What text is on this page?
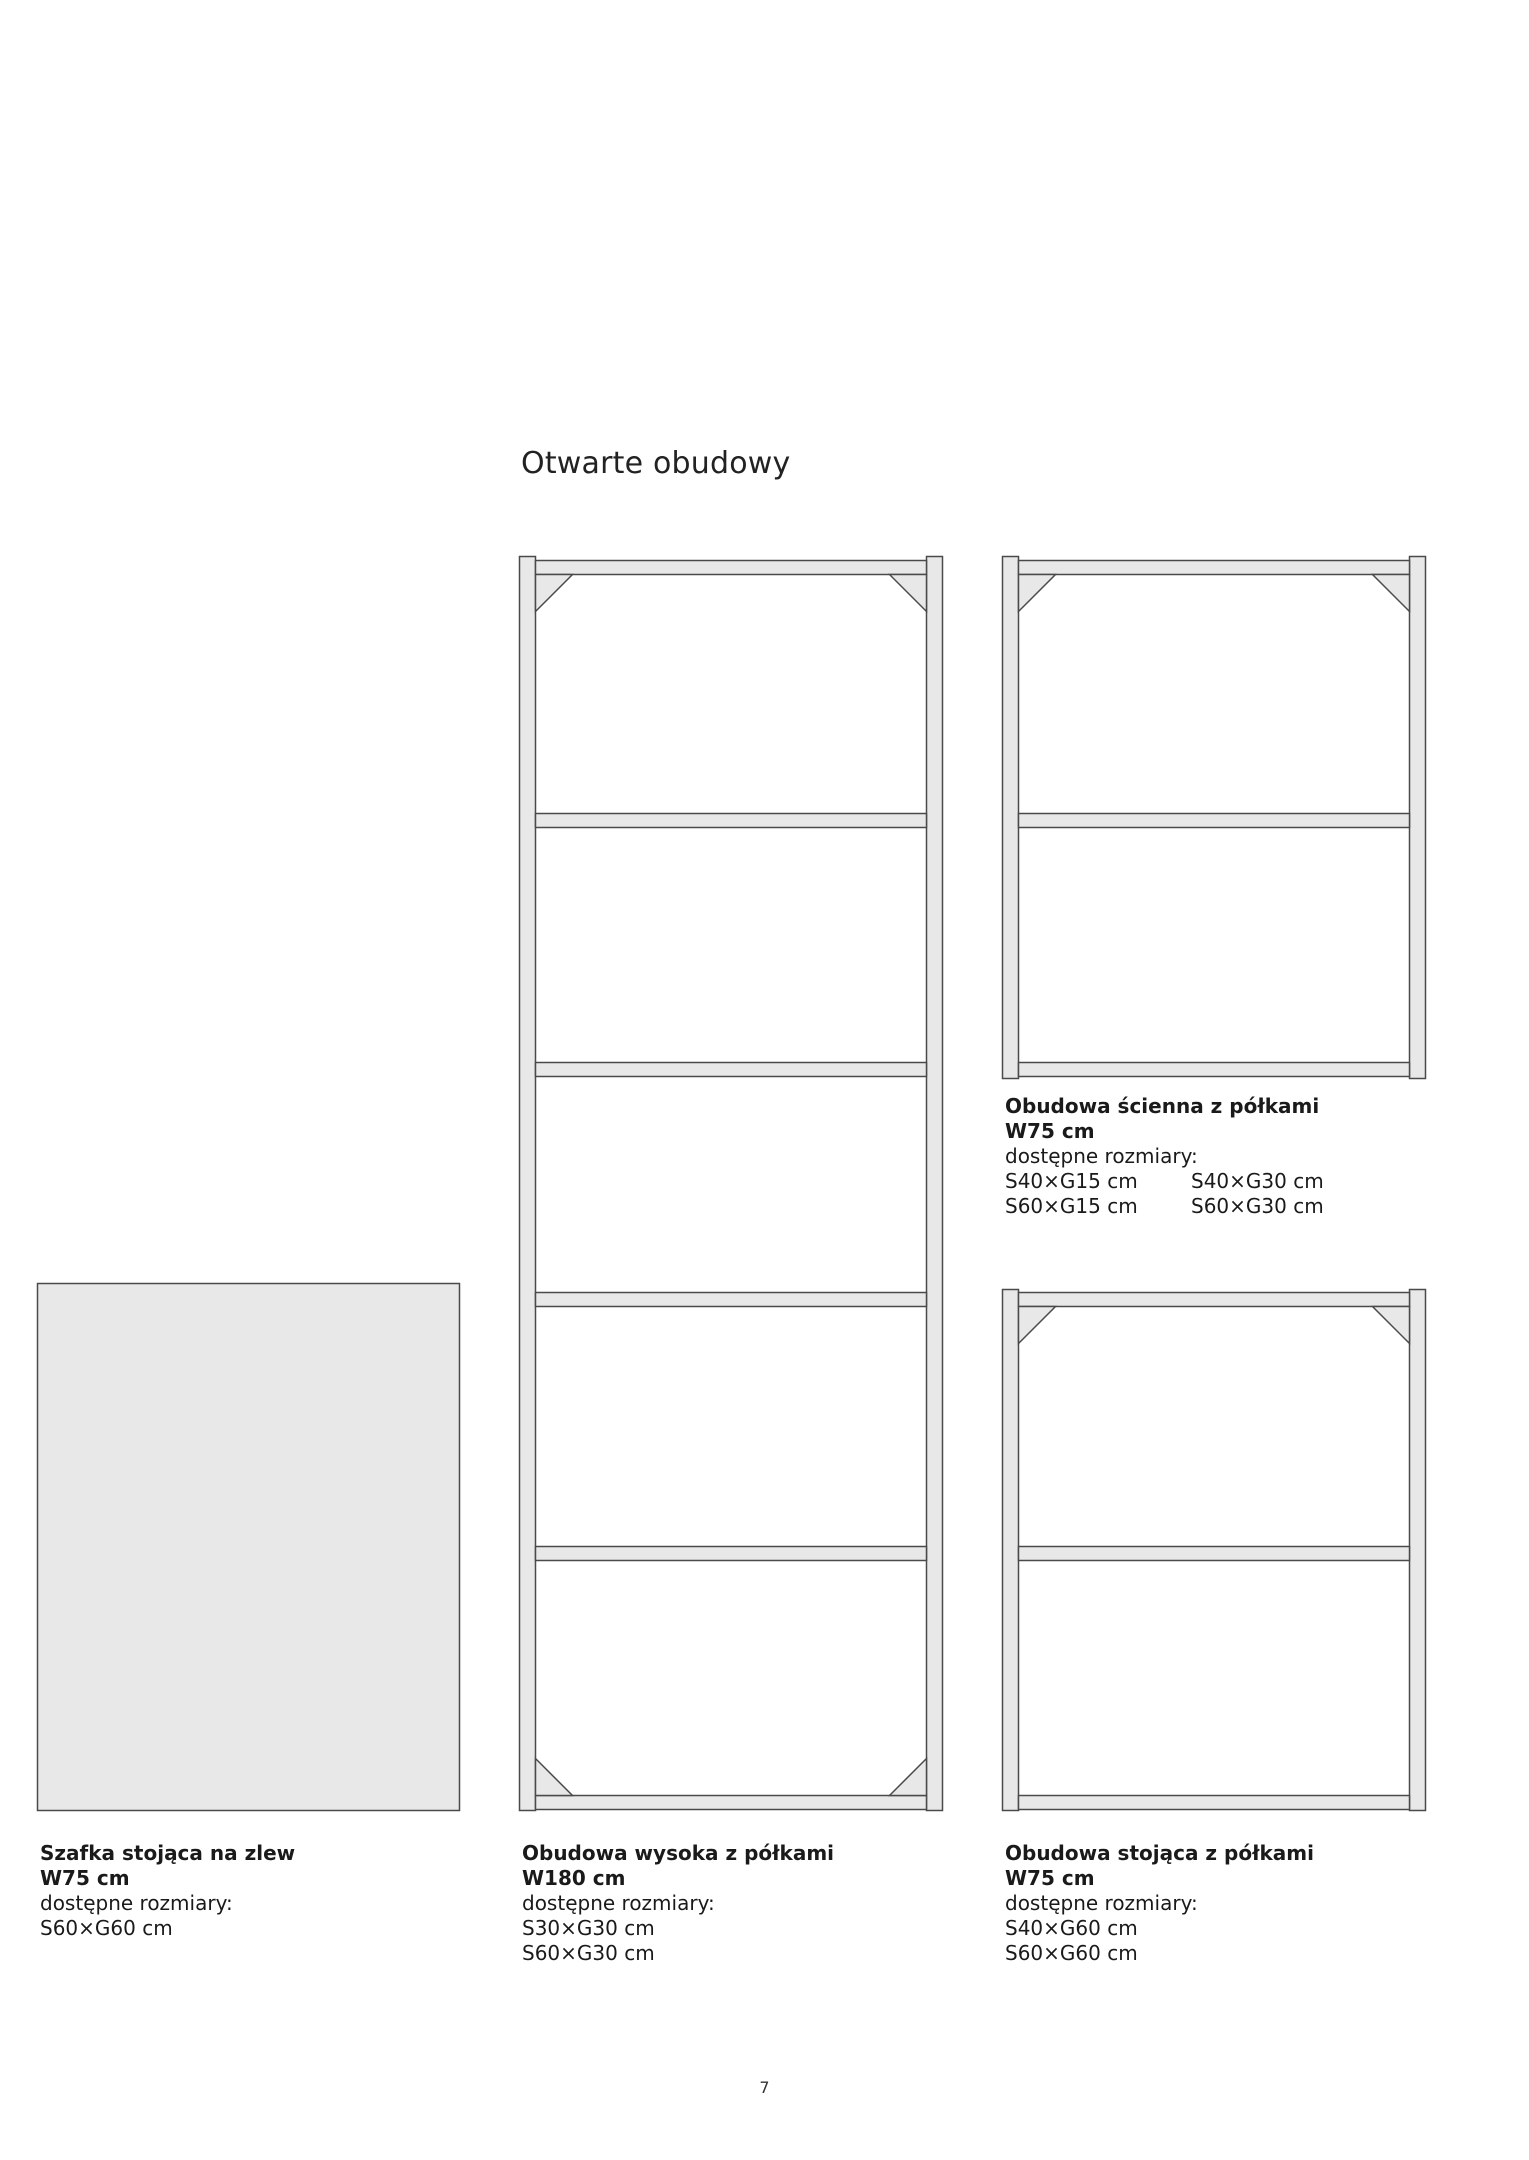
Otwarte obudowy
Obudowa ścienna z półkami
W75 cm
dostępne rozmiary:
S40×G15 cm	S40×G30 cm
S60×G15 cm	S60×G30 cm
Szafka stojąca na zlew
W75 cm
dostępne rozmiary:
S60×G60 cm
Obudowa wysoka z półkami
W180 cm
dostępne rozmiary:
S30×G30 cm
S60×G30 cm
Obudowa stojąca z półkami
W75 cm
dostępne rozmiary:
S40×G60 cm
S60×G60 cm
7
